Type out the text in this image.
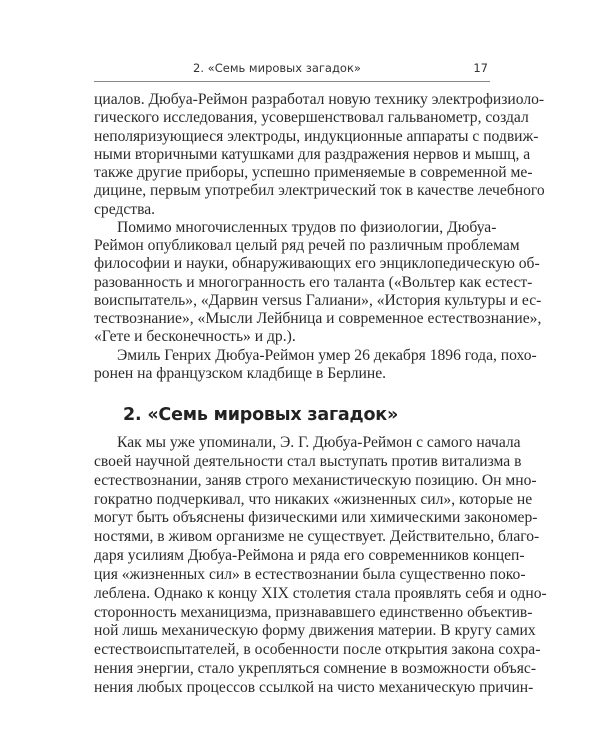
2. «Семь мировых загадок»	17
циалов. Дюбуа-Реймон разработал новую технику электрофизиоло-
гического исследования, усовершенствовал гальванометр, создал
неполяризующиеся электроды, индукционные аппараты с подвиж-
ными вторичными катушками для раздражения нервов и мышц, а
также другие приборы, успешно применяемые в современной ме-
дицине, первым употребил электрический ток в качестве лечебного
средства.
Помимо многочисленных трудов по физиологии, Дюбуа-
Реймон опубликовал целый ряд речей по различным проблемам
философии и науки, обнаруживающих его энциклопедическую об-
разованность и многогранность его таланта («Вольтер как естест-
воиспытатель», «Дарвин versus Галиани», «История культуры и ес-
тествознание», «Мысли Лейбница и современное естествознание»,
«Гете и бесконечность» и др.).
Эмиль Генрих Дюбуа-Реймон умер 26 декабря 1896 года, похо-
ронен на французском кладбище в Берлине.
2. «Семь мировых загадок»
Как мы уже упоминали, Э. Г. Дюбуа-Реймон с самого начала
своей научной деятельности стал выступать против витализма в
естествознании, заняв строго механистическую позицию. Он мно-
гократно подчеркивал, что никаких «жизненных сил», которые не
могут быть объяснены физическими или химическими закономер-
ностями, в живом организме не существует. Действительно, благо-
даря усилиям Дюбуа-Реймона и ряда его современников концеп-
ция «жизненных сил» в естествознании была существенно поко-
леблена. Однако к концу XIX столетия стала проявлять себя и одно-
сторонность механицизма, признававшего единственно объектив-
ной лишь механическую форму движения материи. В кругу самих
естествоиспытателей, в особенности после открытия закона сохра-
нения энергии, стало укрепляться сомнение в возможности объяс-
нения любых процессов ссылкой на чисто механическую причин-
